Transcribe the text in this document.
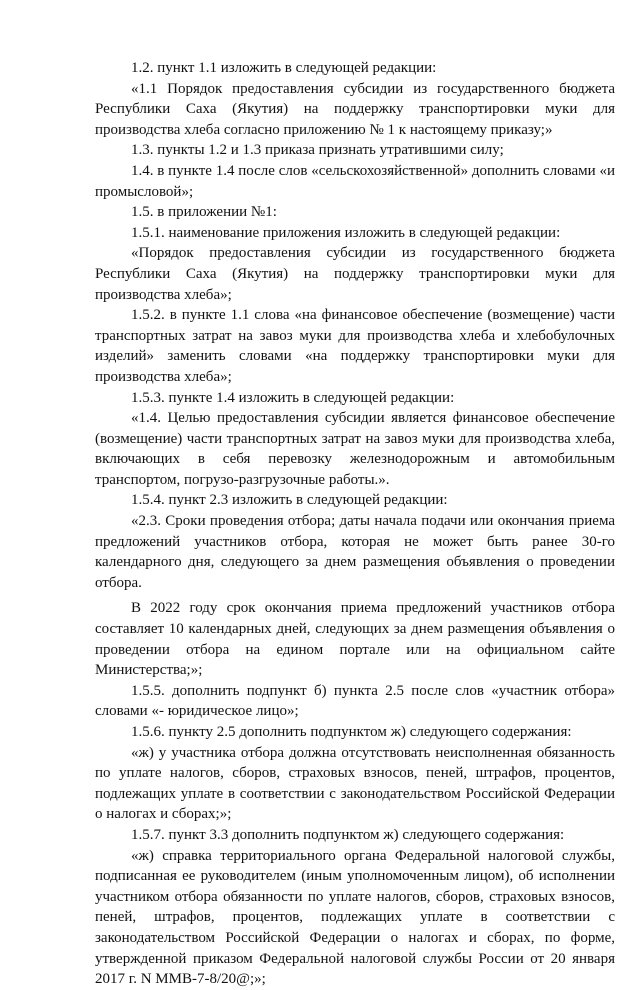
1.2. пункт 1.1 изложить в следующей редакции:

«1.1 Порядок предоставления субсидии из государственного бюджета Республики Саха (Якутия) на поддержку транспортировки муки для производства хлеба согласно приложению № 1 к настоящему приказу;»

1.3. пункты 1.2 и 1.3 приказа признать утратившими силу;

1.4. в пункте 1.4 после слов «сельскохозяйственной» дополнить словами «и промысловой»;

1.5. в приложении №1:

1.5.1. наименование приложения изложить в следующей редакции:

«Порядок предоставления субсидии из государственного бюджета Республики Саха (Якутия) на поддержку транспортировки муки для производства хлеба»;

1.5.2. в пункте 1.1 слова «на финансовое обеспечение (возмещение) части транспортных затрат на завоз муки для производства хлеба и хлебобулочных изделий» заменить словами «на поддержку транспортировки муки для производства хлеба»;

1.5.3. пункте 1.4 изложить в следующей редакции:

«1.4. Целью предоставления субсидии является финансовое обеспечение (возмещение) части транспортных затрат на завоз муки для производства хлеба, включающих в себя перевозку железнодорожным и автомобильным транспортом, погрузо-разгрузочные работы.».

1.5.4. пункт 2.3 изложить в следующей редакции:

«2.3. Сроки проведения отбора; даты начала подачи или окончания приема предложений участников отбора, которая не может быть ранее 30-го календарного дня, следующего за днем размещения объявления о проведении отбора.

В 2022 году срок окончания приема предложений участников отбора составляет 10 календарных дней, следующих за днем размещения объявления о проведении отбора на едином портале или на официальном сайте Министерства;»;

1.5.5. дополнить подпункт б) пункта 2.5 после слов «участник отбора» словами «- юридическое лицо»;

1.5.6. пункту 2.5 дополнить подпунктом ж) следующего содержания:

«ж) у участника отбора должна отсутствовать неисполненная обязанность по уплате налогов, сборов, страховых взносов, пеней, штрафов, процентов, подлежащих уплате в соответствии с законодательством Российской Федерации о налогах и сборах;»;

1.5.7. пункт 3.3 дополнить подпунктом ж) следующего содержания:

«ж) справка территориального органа Федеральной налоговой службы, подписанная ее руководителем (иным уполномоченным лицом), об исполнении участником отбора обязанности по уплате налогов, сборов, страховых взносов, пеней, штрафов, процентов, подлежащих уплате в соответствии с законодательством Российской Федерации о налогах и сборах, по форме, утвержденной приказом Федеральной налоговой службы России от 20 января 2017 г. N ММВ-7-8/20@;»;
